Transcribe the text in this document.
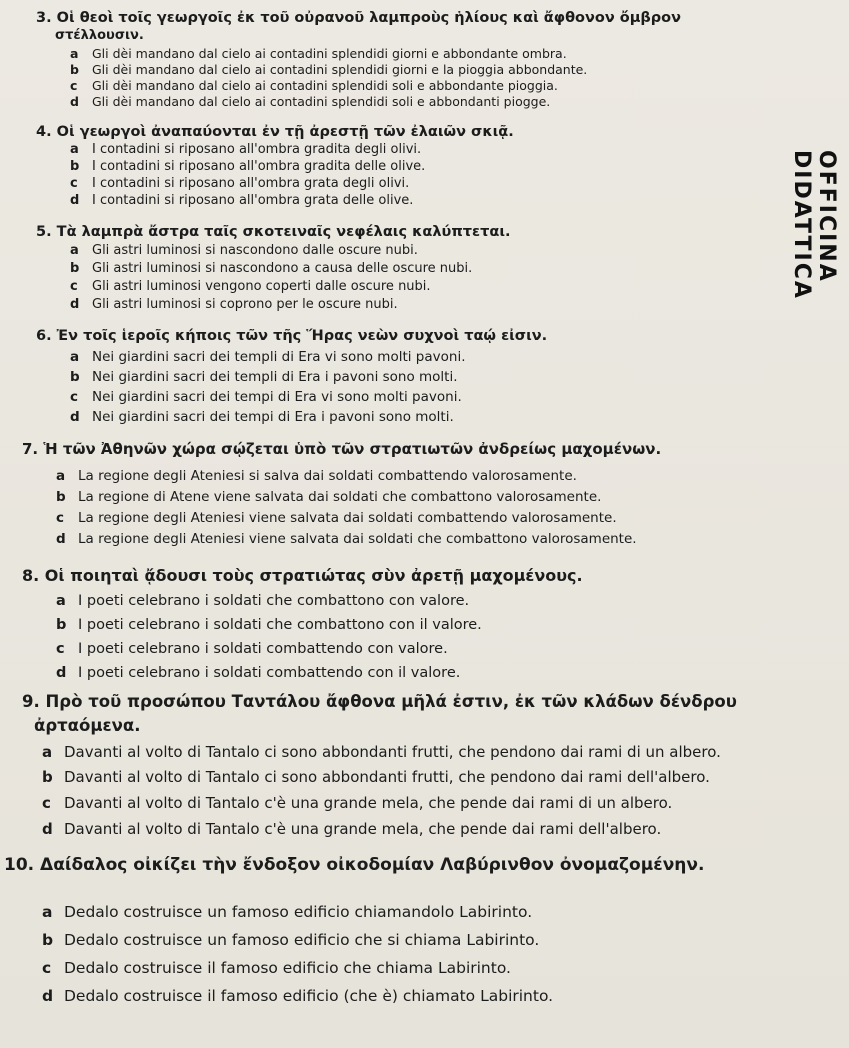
3. Οἱ θεοὶ τοῖς γεωργοῖς ἐκ τοῦ οὐρανοῦ λαμπροὺς ἡλίους καὶ ἄφθονον ὄμβρον
στέλλουσιν.
a Gli dèi mandano dal cielo ai contadini splendidi giorni e abbondante ombra.
b Gli dèi mandano dal cielo ai contadini splendidi giorni e la pioggia abbondante.
c Gli dèi mandano dal cielo ai contadini splendidi soli e abbondante pioggia.
d Gli dèi mandano dal cielo ai contadini splendidi soli e abbondanti piogge.
4. Οἱ γεωργοὶ ἀναπαύονται ἐν τῇ ἀρεστῇ τῶν ἐλαιῶν σκιᾷ.
a I contadini si riposano all'ombra gradita degli olivi.
b I contadini si riposano all'ombra gradita delle olive.
c I contadini si riposano all'ombra grata degli olivi.
d I contadini si riposano all'ombra grata delle olive.
5. Τὰ λαμπρὰ ἄστρα ταῖς σκοτειναῖς νεφέλαις καλύπτεται.
a Gli astri luminosi si nascondono dalle oscure nubi.
b Gli astri luminosi si nascondono a causa delle oscure nubi.
c Gli astri luminosi vengono coperti dalle oscure nubi.
d Gli astri luminosi si coprono per le oscure nubi.
6. Ἐν τοῖς ἱεροῖς κήποις τῶν τῆς Ἥρας νεὼν συχνοὶ ταῴ εἰσιν.
a Nei giardini sacri dei templi di Era vi sono molti pavoni.
b Nei giardini sacri dei templi di Era i pavoni sono molti.
c Nei giardini sacri dei tempi di Era vi sono molti pavoni.
d Nei giardini sacri dei tempi di Era i pavoni sono molti.
7. Ἡ τῶν Ἀθηνῶν χώρα σῴζεται ὑπὸ τῶν στρατιωτῶν ἀνδρείως μαχομένων.
a La regione degli Ateniesi si salva dai soldati combattendo valorosamente.
b La regione di Atene viene salvata dai soldati che combattono valorosamente.
c La regione degli Ateniesi viene salvata dai soldati combattendo valorosamente.
d La regione degli Ateniesi viene salvata dai soldati che combattono valorosamente.
8. Οἱ ποιηταὶ ᾄδουσι τοὺς στρατιώτας σὺν ἀρετῇ μαχομένους.
a I poeti celebrano i soldati che combattono con valore.
b I poeti celebrano i soldati che combattono con il valore.
c I poeti celebrano i soldati combattendo con valore.
d I poeti celebrano i soldati combattendo con il valore.
9. Πρὸ τοῦ προσώπου Ταντάλου ἄφθονα μῆλά ἐστιν, ἐκ τῶν κλάδων δένδρου
ἀρταόμενα.
a Davanti al volto di Tantalo ci sono abbondanti frutti, che pendono dai rami di un albero.
b Davanti al volto di Tantalo ci sono abbondanti frutti, che pendono dai rami dell'albero.
c Davanti al volto di Tantalo c'è una grande mela, che pende dai rami di un albero.
d Davanti al volto di Tantalo c'è una grande mela, che pende dai rami dell'albero.
10. Δαίδαλος οἰκίζει τὴν ἔνδοξον οἰκοδομίαν Λαβύρινθον ὀνομαζομένην.
a Dedalo costruisce un famoso edificio chiamandolo Labirinto.
b Dedalo costruisce un famoso edificio che si chiama Labirinto.
c Dedalo costruisce il famoso edificio che chiama Labirinto.
d Dedalo costruisce il famoso edificio (che è) chiamato Labirinto.
OFFICINA DIDATTICA
